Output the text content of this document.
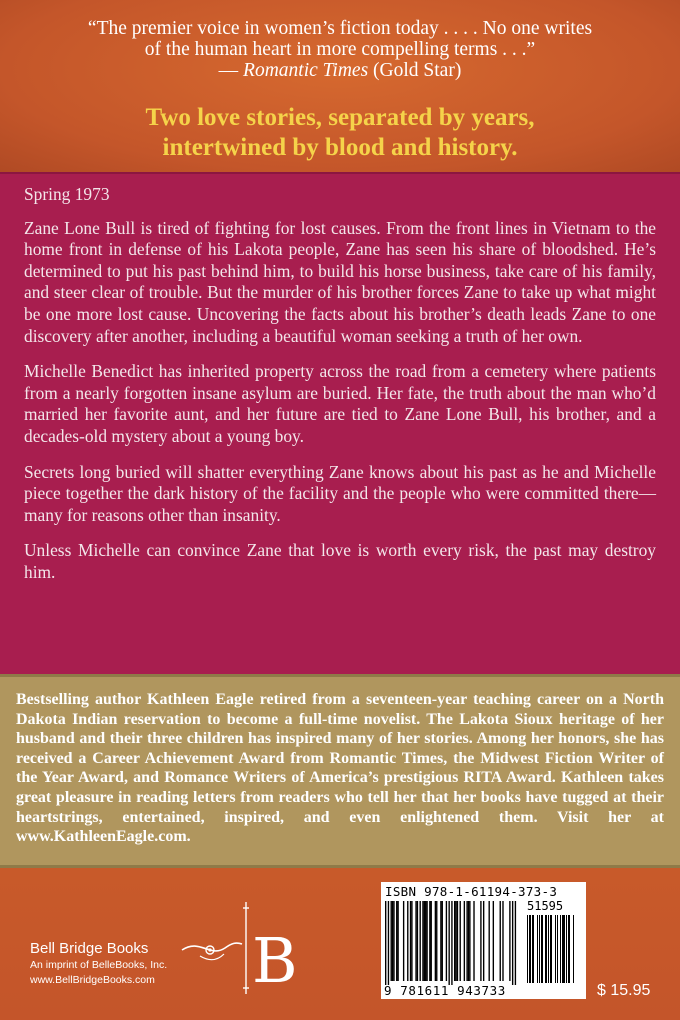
“The premier voice in women’s fiction today . . . . No one writes
of the human heart in more compelling terms . . .”
— Romantic Times (Gold Star)
Two love stories, separated by years,
intertwined by blood and history.

Spring 1973

Zane Lone Bull is tired of fighting for lost causes. From the front lines in Vietnam to the home front in defense of his Lakota people, Zane has seen his share of bloodshed. He’s determined to put his past behind him, to build his horse business, take care of his family, and steer clear of trouble. But the murder of his brother forces Zane to take up what might be one more lost cause. Uncovering the facts about his brother’s death leads Zane to one discovery after another, including a beautiful woman seeking a truth of her own.

Michelle Benedict has inherited property across the road from a cemetery where patients from a nearly forgotten insane asylum are buried. Her fate, the truth about the man who’d married her favorite aunt, and her future are tied to Zane Lone Bull, his brother, and a decades-old mystery about a young boy.

Secrets long buried will shatter everything Zane knows about his past as he and Michelle piece together the dark history of the facility and the people who were committed there—many for reasons other than insanity.

Unless Michelle can convince Zane that love is worth every risk, the past may destroy him.

Bestselling author Kathleen Eagle retired from a seventeen-year teaching career on a North Dakota Indian reservation to become a full-time novelist. The Lakota Sioux heritage of her husband and their three children has inspired many of her stories. Among her honors, she has received a Career Achievement Award from Romantic Times, the Midwest Fiction Writer of the Year Award, and Romance Writers of America’s prestigious RITA Award. Kathleen takes great pleasure in reading letters from readers who tell her that her books have tugged at their heartstrings, entertained, inspired, and even enlightened them. Visit her at www.KathleenEagle.com.

B
Bell Bridge Books
An imprint of BelleBooks, Inc.
www.BellBridgeBooks.com
ISBN 978-1-61194-373-3
51595
9 781611 943733	$ 15.95
